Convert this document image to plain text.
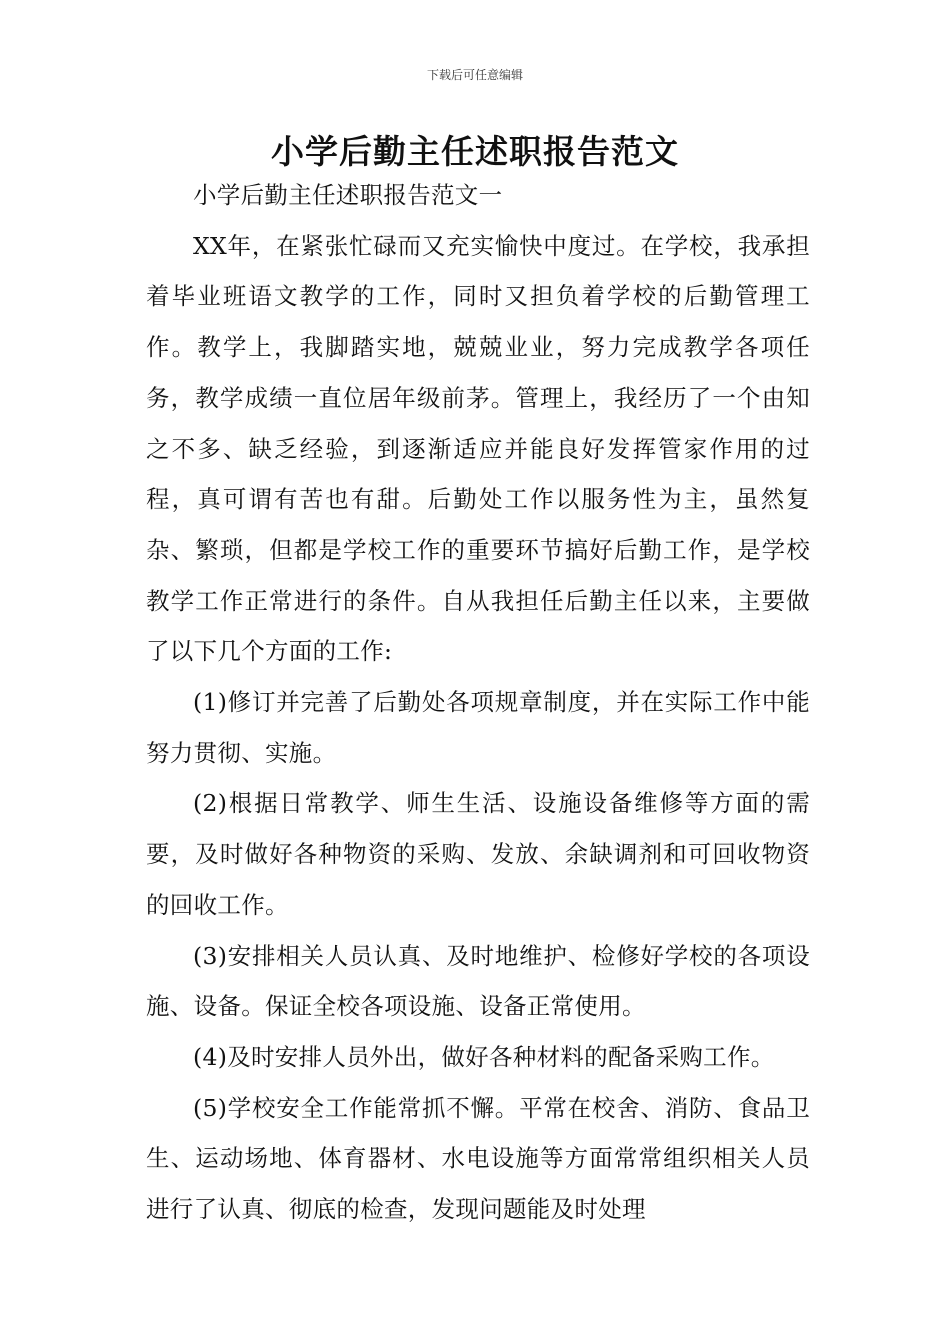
下载后可任意编辑
小学后勤主任述职报告范文

小学后勤主任述职报告范文一

XX年，在紧张忙碌而又充实愉快中度过。在学校，我承担着毕业班语文教学的工作，同时又担负着学校的后勤管理工作。教学上，我脚踏实地，兢兢业业，努力完成教学各项任务，教学成绩一直位居年级前茅。管理上，我经历了一个由知之不多、缺乏经验，到逐渐适应并能良好发挥管家作用的过程，真可谓有苦也有甜。后勤处工作以服务性为主，虽然复杂、繁琐，但都是学校工作的重要环节搞好后勤工作，是学校教学工作正常进行的条件。自从我担任后勤主任以来，主要做了以下几个方面的工作:

(1)修订并完善了后勤处各项规章制度，并在实际工作中能努力贯彻、实施。

(2)根据日常教学、师生生活、设施设备维修等方面的需要，及时做好各种物资的采购、发放、余缺调剂和可回收物资的回收工作。

(3)安排相关人员认真、及时地维护、检修好学校的各项设施、设备。保证全校各项设施、设备正常使用。

(4)及时安排人员外出，做好各种材料的配备采购工作。

(5)学校安全工作能常抓不懈。平常在校舍、消防、食品卫生、运动场地、体育器材、水电设施等方面常常组织相关人员进行了认真、彻底的检查，发现问题能及时处理
